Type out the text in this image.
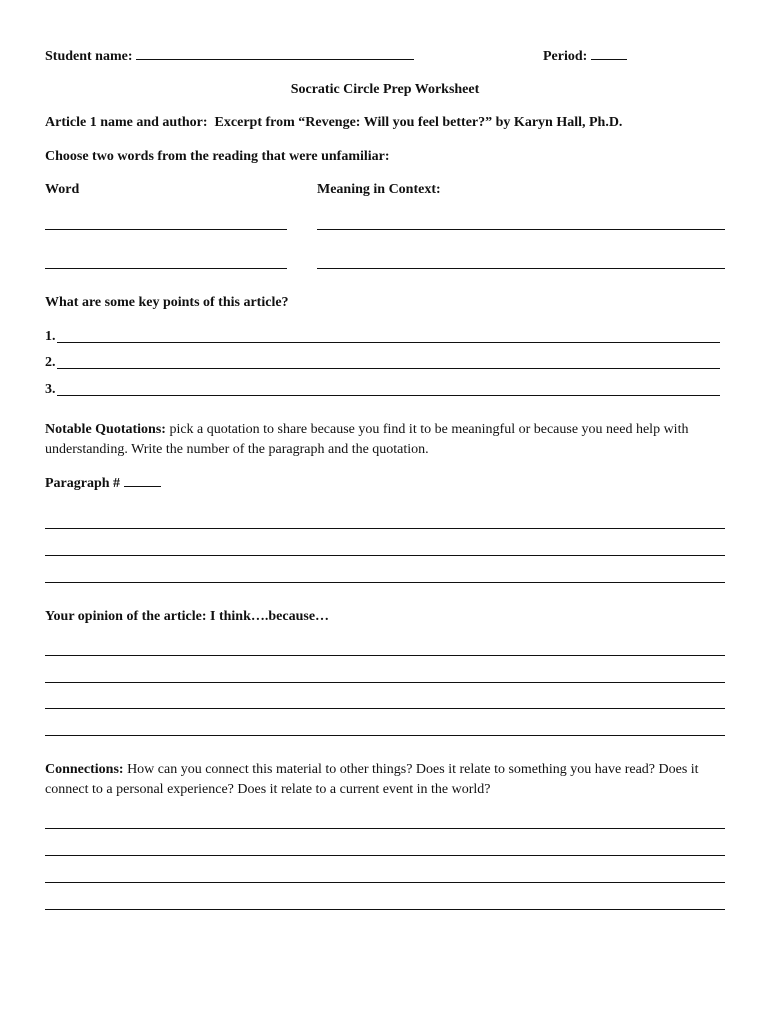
Student name:	Period:
Socratic Circle Prep Worksheet
Article 1 name and author: Excerpt from “Revenge: Will you feel better?” by Karyn Hall, Ph.D.
Choose two words from the reading that were unfamiliar:
Word	Meaning in Context:
What are some key points of this article?
1.
2.
3.
Notable Quotations: pick a quotation to share because you find it to be meaningful or because you need help with understanding. Write the number of the paragraph and the quotation.
Paragraph #
Your opinion of the article: I think….because…
Connections: How can you connect this material to other things? Does it relate to something you have read? Does it connect to a personal experience? Does it relate to a current event in the world?
